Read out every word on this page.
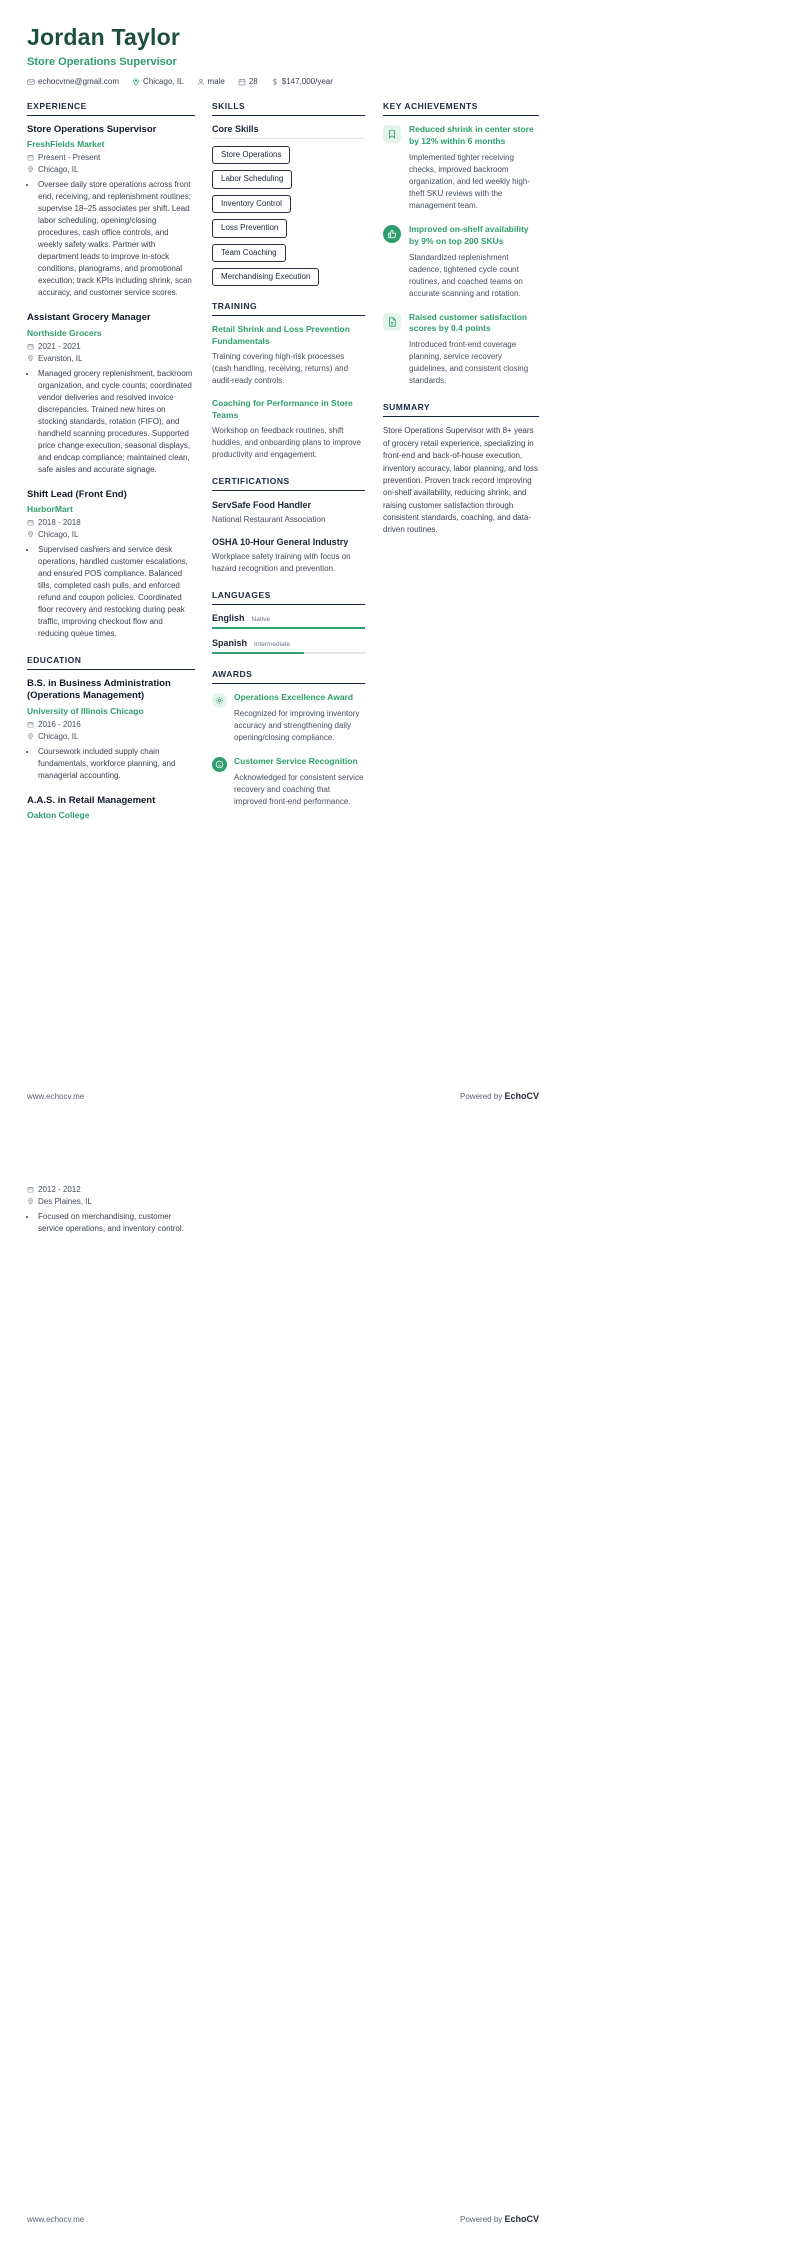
Jordan Taylor
Store Operations Supervisor
echocvme@gmail.com	Chicago, IL	male	28	$147,000/year
EXPERIENCE
Store Operations Supervisor
FreshFields Market
Present - Present
Chicago, IL
• Oversee daily store operations across front end, receiving, and replenishment routines; supervise 18–25 associates per shift. Lead labor scheduling, opening/closing procedures, cash office controls, and weekly safety walks. Partner with department leads to improve in-stock conditions, planograms, and promotional execution; track KPIs including shrink, scan accuracy, and customer service scores.
Assistant Grocery Manager
Northside Grocers
2021 - 2021
Evanston, IL
• Managed grocery replenishment, backroom organization, and cycle counts; coordinated vendor deliveries and resolved invoice discrepancies. Trained new hires on stocking standards, rotation (FIFO), and handheld scanning procedures. Supported price change execution, seasonal displays, and endcap compliance; maintained clean, safe aisles and accurate signage.
Shift Lead (Front End)
HarborMart
2018 - 2018
Chicago, IL
• Supervised cashiers and service desk operations, handled customer escalations, and ensured POS compliance. Balanced tills, completed cash pulls, and enforced refund and coupon policies. Coordinated floor recovery and restocking during peak traffic, improving checkout flow and reducing queue times.
EDUCATION
B.S. in Business Administration (Operations Management)
University of Illinois Chicago
2016 - 2016
Chicago, IL
• Coursework included supply chain fundamentals, workforce planning, and managerial accounting.
A.A.S. in Retail Management
Oakton College
SKILLS
Core Skills
Store Operations
Labor Scheduling
Inventory Control
Loss Prevention
Team Coaching
Merchandising Execution
TRAINING
Retail Shrink and Loss Prevention Fundamentals
Training covering high-risk processes (cash handling, receiving, returns) and audit-ready controls.
Coaching for Performance in Store Teams
Workshop on feedback routines, shift huddles, and onboarding plans to improve productivity and engagement.
CERTIFICATIONS
ServSafe Food Handler
National Restaurant Association
OSHA 10-Hour General Industry
Workplace safety training with focus on hazard recognition and prevention.
LANGUAGES
English Native
Spanish Intermediate
AWARDS
Operations Excellence Award
Recognized for improving inventory accuracy and strengthening daily opening/closing compliance.
Customer Service Recognition
Acknowledged for consistent service recovery and coaching that improved front-end performance.
KEY ACHIEVEMENTS
Reduced shrink in center store by 12% within 6 months
Implemented tighter receiving checks, improved backroom organization, and led weekly high-theft SKU reviews with the management team.
Improved on-shelf availability by 9% on top 200 SKUs
Standardized replenishment cadence, tightened cycle count routines, and coached teams on accurate scanning and rotation.
Raised customer satisfaction scores by 0.4 points
Introduced front-end coverage planning, service recovery guidelines, and consistent closing standards.
SUMMARY
Store Operations Supervisor with 8+ years of grocery retail experience, specializing in front-end and back-of-house execution, inventory accuracy, labor planning, and loss prevention. Proven track record improving on-shelf availability, reducing shrink, and raising customer satisfaction through consistent standards, coaching, and data-driven routines.
www.echocv.me	Powered by EchoCV
2012 - 2012
Des Plaines, IL
• Focused on merchandising, customer service operations, and inventory control.
www.echocv.me	Powered by EchoCV
